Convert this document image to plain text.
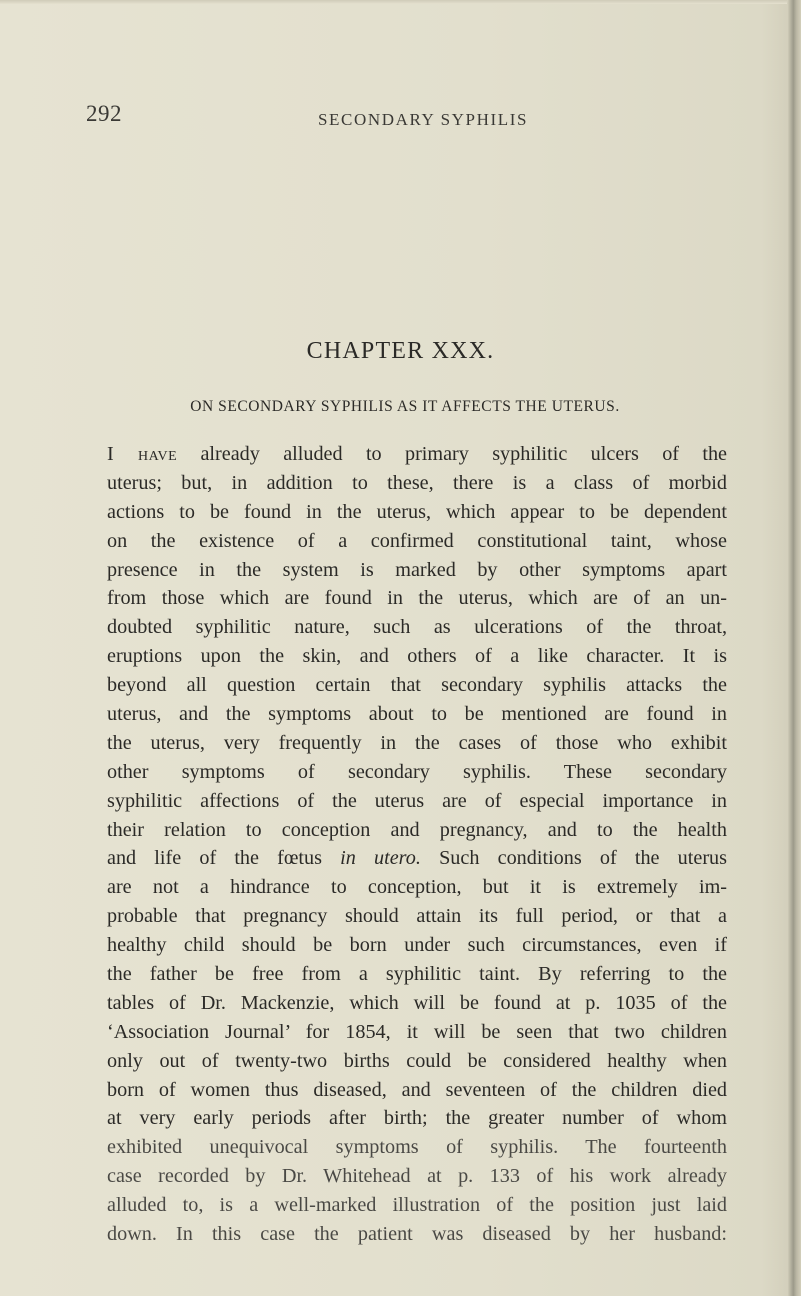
292	SECONDARY SYPHILIS
CHAPTER XXX.
ON SECONDARY SYPHILIS AS IT AFFECTS THE UTERUS.
I have already alluded to primary syphilitic ulcers of the
uterus; but, in addition to these, there is a class of morbid
actions to be found in the uterus, which appear to be dependent
on the existence of a confirmed constitutional taint, whose
presence in the system is marked by other symptoms apart
from those which are found in the uterus, which are of an un-
doubted syphilitic nature, such as ulcerations of the throat,
eruptions upon the skin, and others of a like character. It is
beyond all question certain that secondary syphilis attacks the
uterus, and the symptoms about to be mentioned are found in
the uterus, very frequently in the cases of those who exhibit
other symptoms of secondary syphilis. These secondary
syphilitic affections of the uterus are of especial importance in
their relation to conception and pregnancy, and to the health
and life of the fœtus in utero. Such conditions of the uterus
are not a hindrance to conception, but it is extremely im-
probable that pregnancy should attain its full period, or that a
healthy child should be born under such circumstances, even if
the father be free from a syphilitic taint. By referring to the
tables of Dr. Mackenzie, which will be found at p. 1035 of the
‘Association Journal’ for 1854, it will be seen that two children
only out of twenty-two births could be considered healthy when
born of women thus diseased, and seventeen of the children died
at very early periods after birth; the greater number of whom
exhibited unequivocal symptoms of syphilis. The fourteenth
case recorded by Dr. Whitehead at p. 133 of his work already
alluded to, is a well-marked illustration of the position just laid
down. In this case the patient was diseased by her husband:
